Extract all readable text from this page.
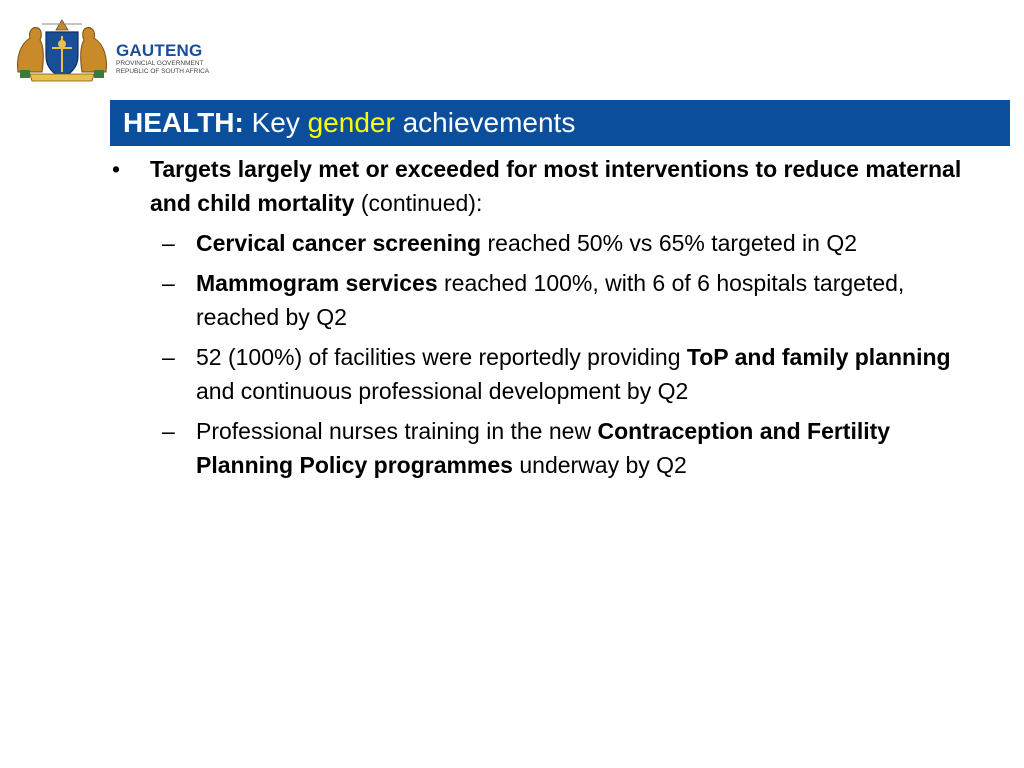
GAUTENG
PROVINCIAL GOVERNMENT
REPUBLIC OF SOUTH AFRICA
HEALTH: Key gender achievements
• Targets largely met or exceeded for most interventions to reduce maternal and child mortality (continued):
– Cervical cancer screening reached 50% vs 65% targeted in Q2
– Mammogram services reached 100%, with 6 of 6 hospitals targeted, reached by Q2
– 52 (100%) of facilities were reportedly providing ToP and family planning and continuous professional development by Q2
– Professional nurses training in the new Contraception and Fertility Planning Policy programmes underway by Q2
